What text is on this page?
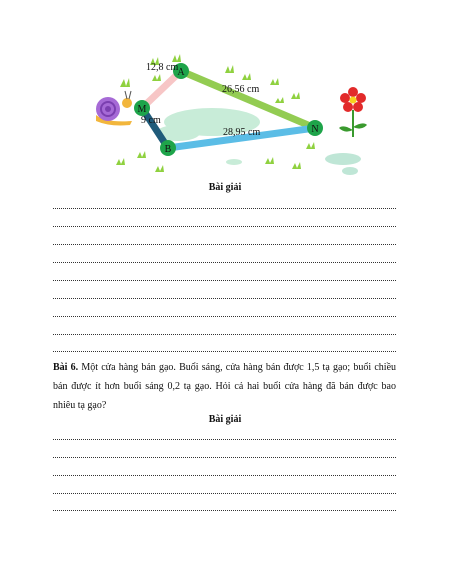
A
M
B
N
12,8 cm
26,56 cm
9 cm
28,95 cm
Bài giải
Bài 6. Một cửa hàng bán gạo. Buổi sáng, cửa hàng bán được 1,5 tạ gạo; buổi chiều bán được ít hơn buổi sáng 0,2 tạ gạo. Hỏi cả hai buổi cửa hàng đã bán được bao nhiêu tạ gạo?
Bài giải
